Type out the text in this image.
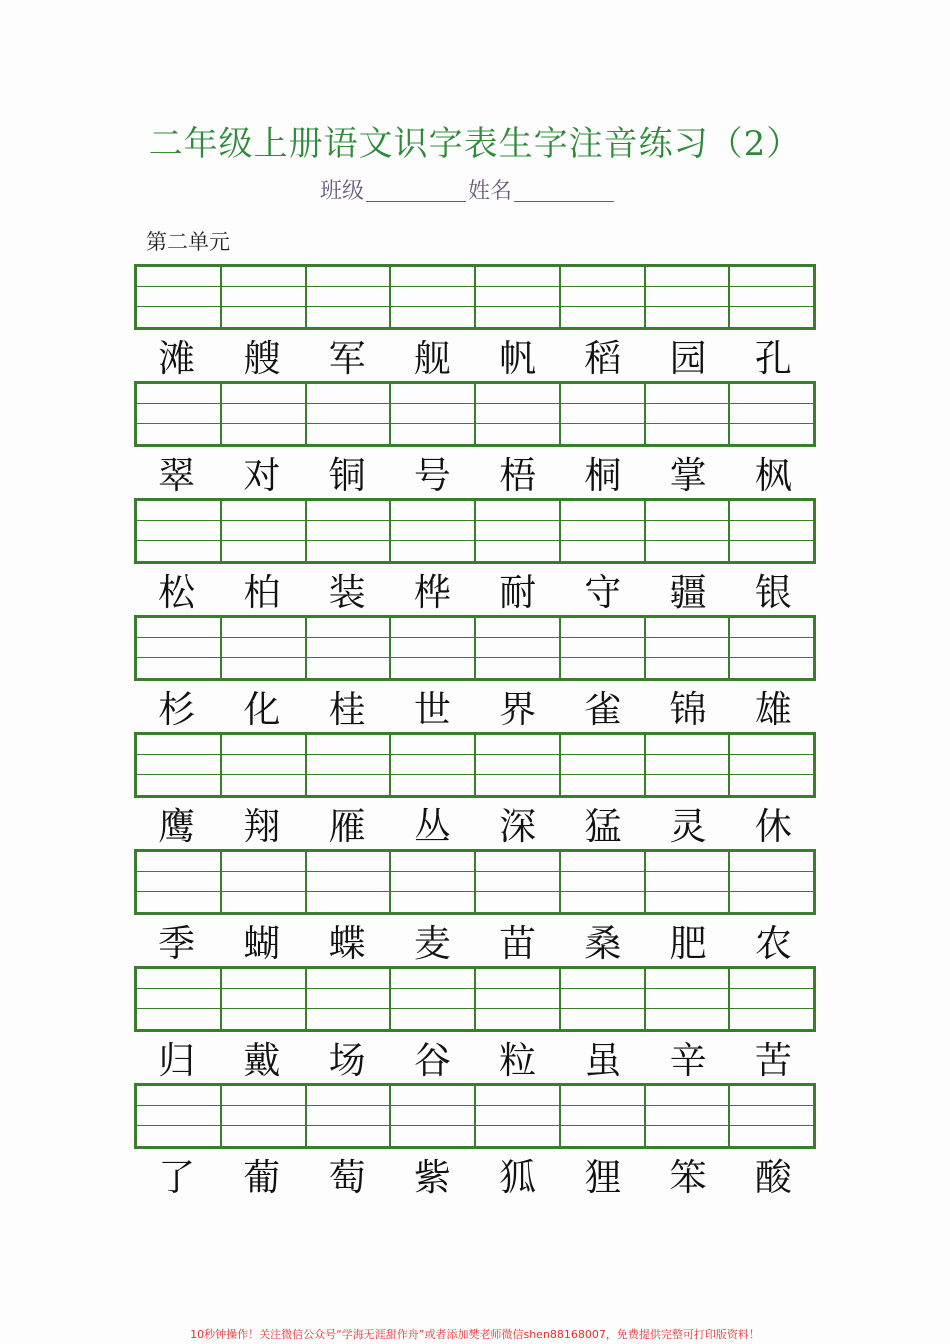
二年级上册语文识字表生字注音练习（2）
班级	姓名
第二单元
滩	艘	军	舰	帆	稻	园	孔
翠	对	铜	号	梧	桐	掌	枫
松	柏	装	桦	耐	守	疆	银
杉	化	桂	世	界	雀	锦	雄
鹰	翔	雁	丛	深	猛	灵	休
季	蝴	蝶	麦	苗	桑	肥	农
归	戴	场	谷	粒	虽	辛	苦
了	葡	萄	紫	狐	狸	笨	酸
10秒钟操作！关注微信公众号“学海无涯甜作舟”或者添加樊老师微信shen88168007，免费提供完整可打印版资料！
